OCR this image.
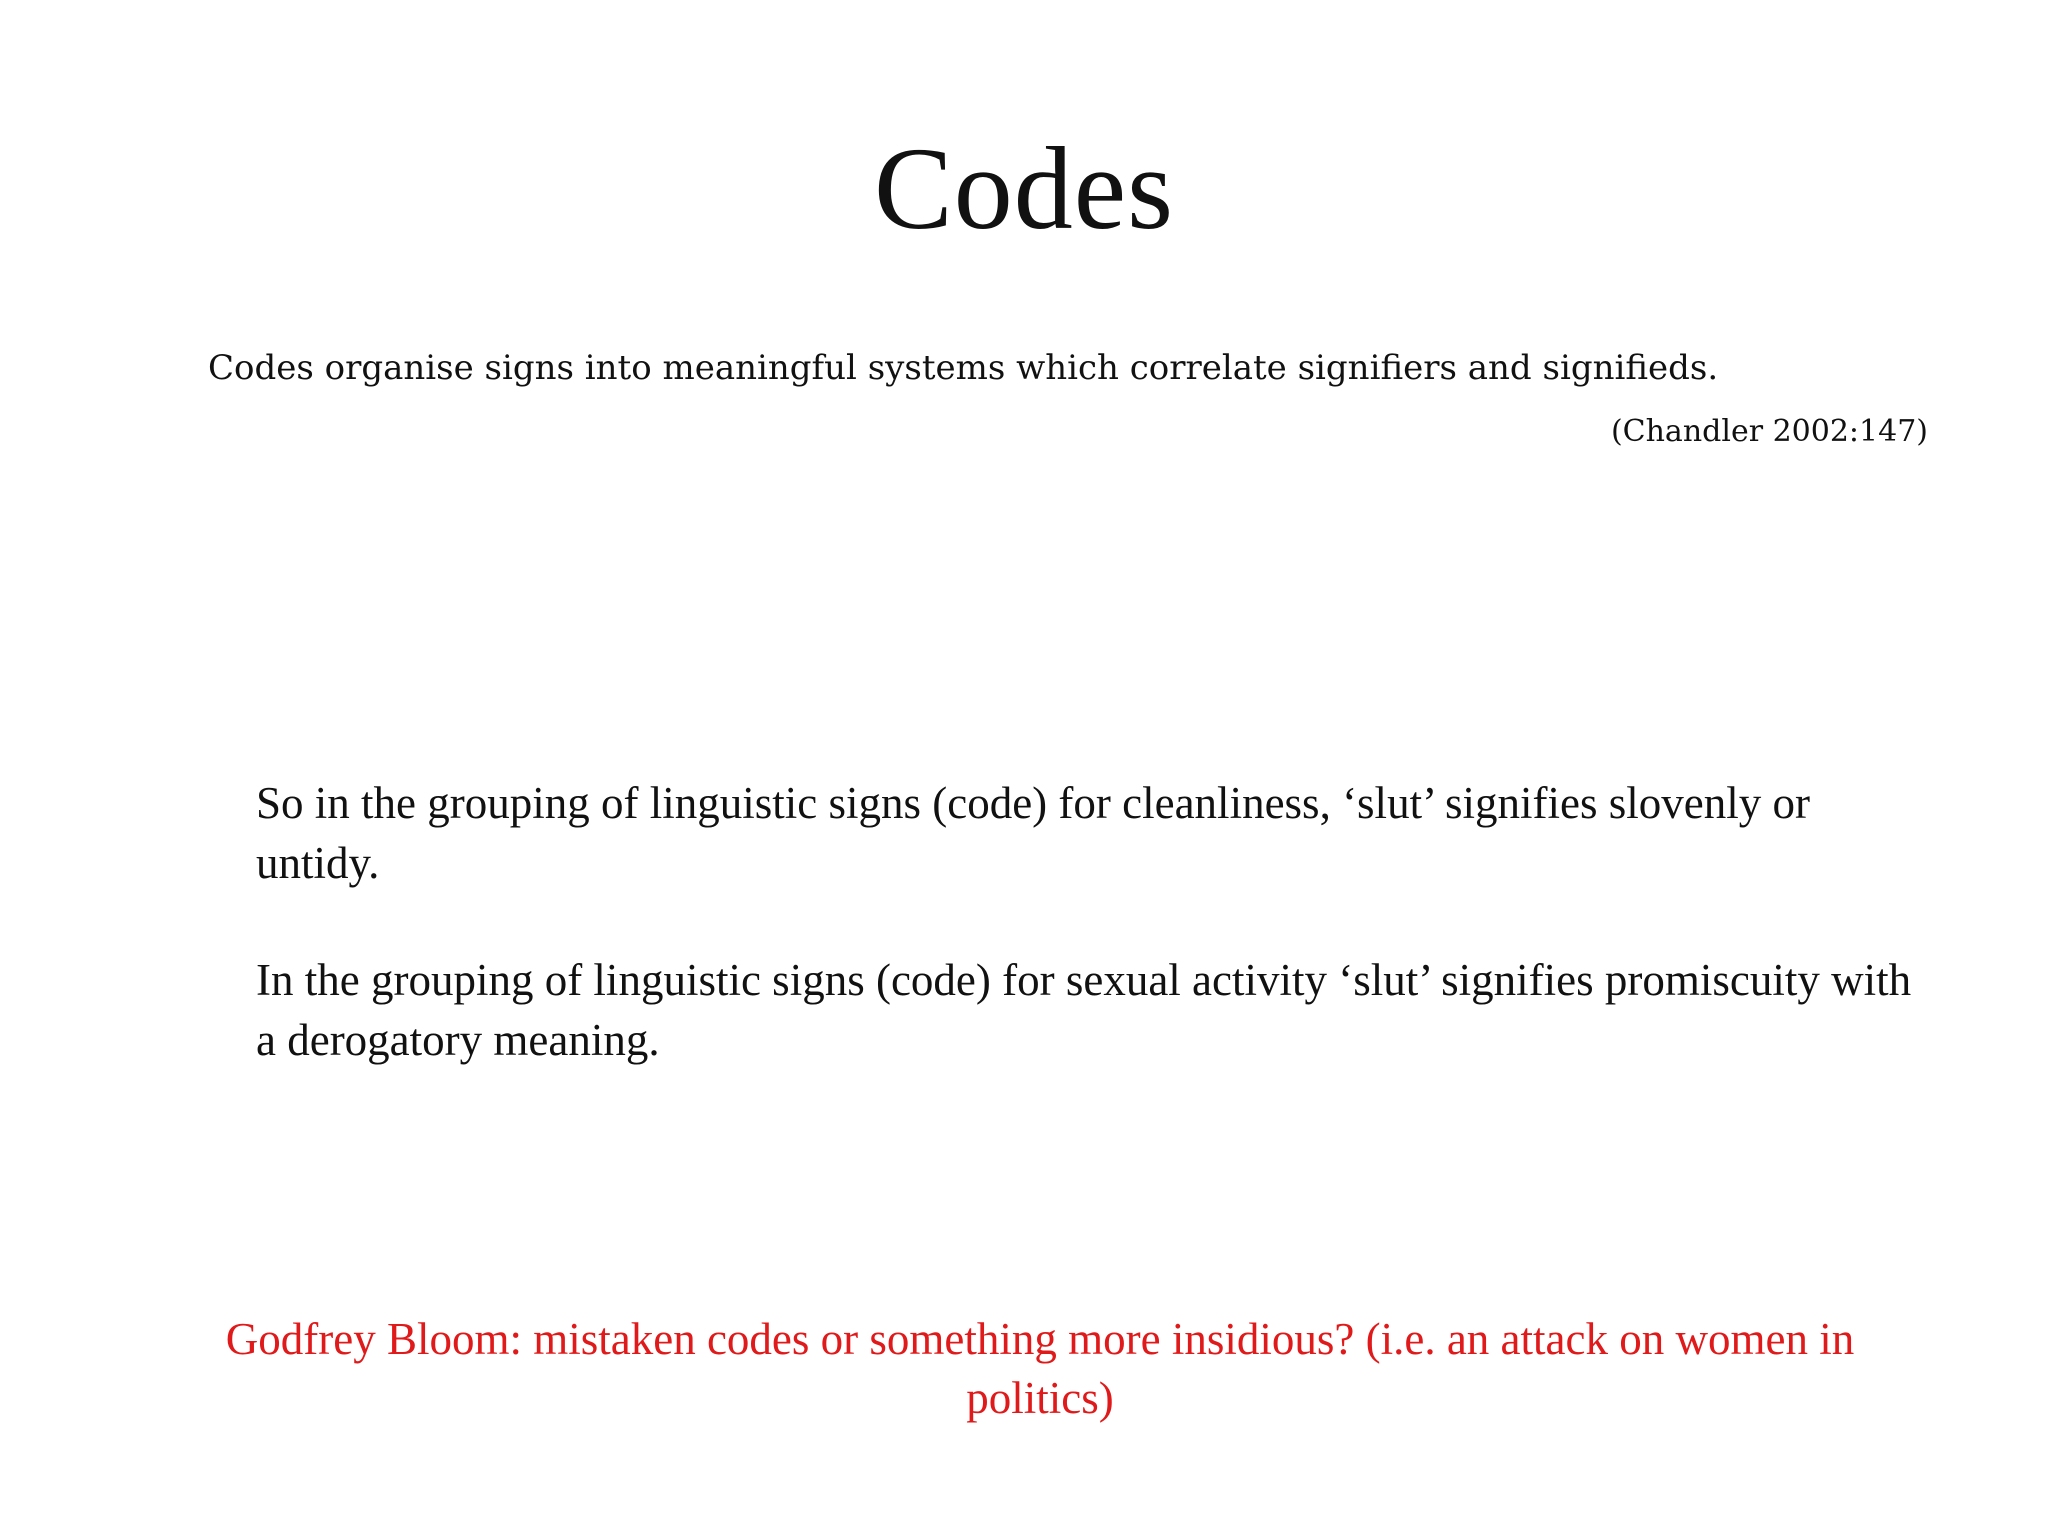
Codes
Codes organise signs into meaningful systems which correlate signifiers and signifieds.
(Chandler 2002:147)
So in the grouping of linguistic signs (code) for cleanliness, ‘slut’ signifies slovenly or untidy.
In the grouping of linguistic signs (code) for sexual activity ‘slut’ signifies promiscuity with a derogatory meaning.
Godfrey Bloom: mistaken codes or something more insidious? (i.e. an attack on women in politics)
